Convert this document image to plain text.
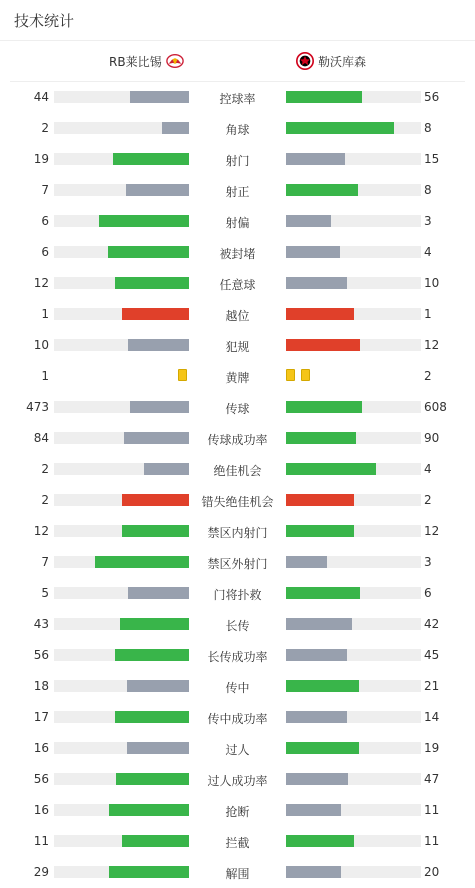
技术统计
RB莱比锡	勒沃库森
44	控球率	56
2	角球	8
19	射门	15
7	射正	8
6	射偏	3
6	被封堵	4
12	任意球	10
1	越位	1
10	犯规	12
1	黄牌	2
473	传球	608
84	传球成功率	90
2	绝佳机会	4
2	错失绝佳机会	2
12	禁区内射门	12
7	禁区外射门	3
5	门将扑救	6
43	长传	42
56	长传成功率	45
18	传中	21
17	传中成功率	14
16	过人	19
56	过人成功率	47
16	抢断	11
11	拦截	11
29	解围	20
